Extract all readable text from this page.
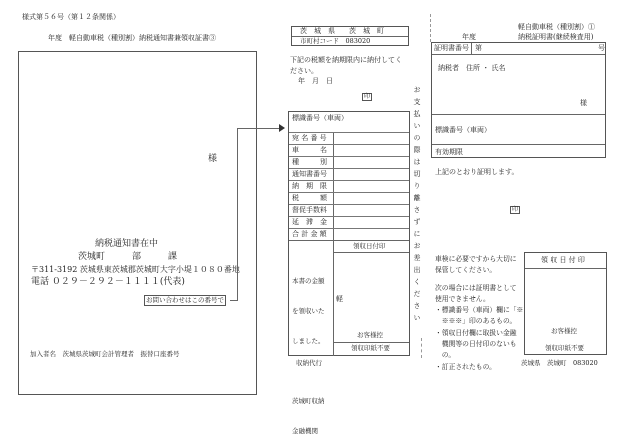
様式第５６号（第１２条関係）
年度　軽自動車税（種別割）納税通知書兼領収証書③
様
納税通知書在中
茨城町　　　部　　　課
〒311-3192 茨城県東茨城郡茨城町大字小堤１０８０番地
電話 ０２９－２９２－１１１１(代表)
お問い合わせはこの番号で
加入者名　茨城県茨城町会計管理者　振替口座番号
茨　城　県　　茨　城　町
市町村コード　083020
下記の税額を納期限内に納付してく
ださい。
年　月　日
印
標識番号（車両）
宛 名 番 号
車　　　名
種　　　別
通知書番号
納　期　限
税　　　額
督促手数料
延　滞　金
合 計 金 額
領収日付印

本書の金額

を領収いた

しました。

茨城町収納

金融機関

軽
お客様控
領収印紙不要
収納代行
お支払いの際は切り離さずにお差出ください
軽自動車税（種別割）①
年度	納税証明書(継続検査用)
証明書番号 第	号
納税者　住所 ・ 氏名
様
標識番号（車両）
有効期限
上記のとおり証明します。
印
車検に必要ですから大切に
保管してください。
次の場合には証明書として
使用できません。
・標識番号（車両）欄に「※
　※※※」印のあるもの。
・領収日付欄に取扱い金融
　機関等の日付印のないも
　の。
・訂正されたもの。
領 収 日 付 印
お客様控
領収印紙不要
茨城県　茨城町　083020
